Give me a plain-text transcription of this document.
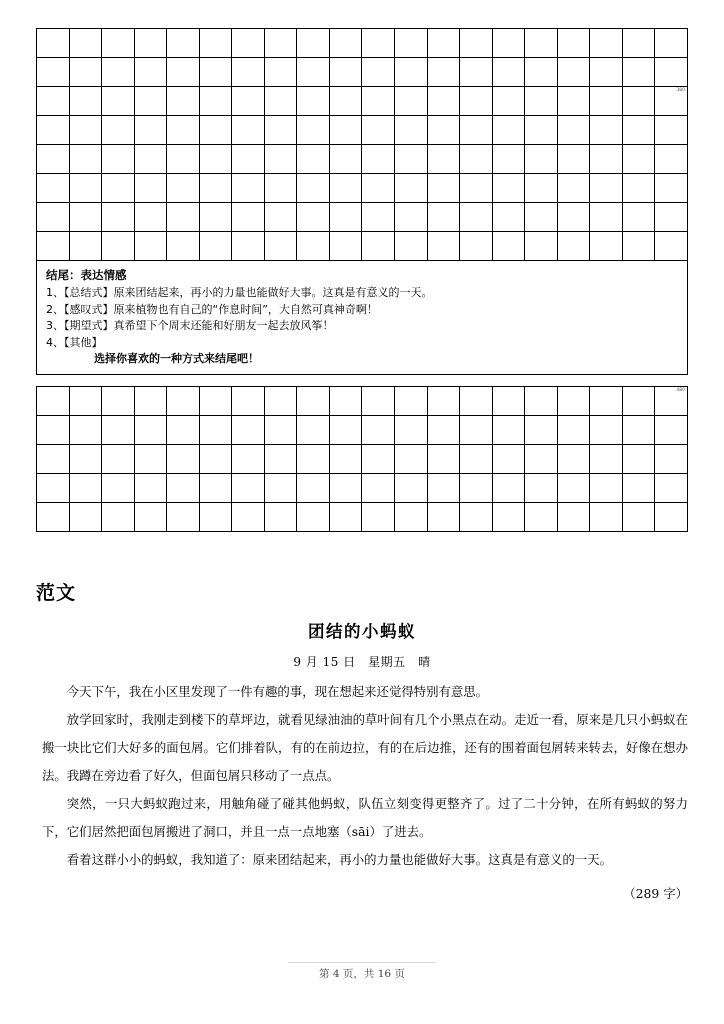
380
结尾：表达情感
1、【总结式】原来团结起来，再小的力量也能做好大事。这真是有意义的一天。
2、【感叹式】原来植物也有自己的“作息时间”，大自然可真神奇啊！
3、【期望式】真希望下个周末还能和好朋友一起去放风筝！
4、【其他】
选择你喜欢的一种方式来结尾吧！
480
范文
团结的小蚂蚁
9 月 15 日　星期五　晴

今天下午，我在小区里发现了一件有趣的事，现在想起来还觉得特别有意思。

放学回家时，我刚走到楼下的草坪边，就看见绿油油的草叶间有几个小黑点在动。走近一看，原来是几只小蚂蚁在搬一块比它们大好多的面包屑。它们排着队，有的在前边拉，有的在后边推，还有的围着面包屑转来转去，好像在想办法。我蹲在旁边看了好久，但面包屑只移动了一点点。

突然，一只大蚂蚁跑过来，用触角碰了碰其他蚂蚁，队伍立刻变得更整齐了。过了二十分钟，在所有蚂蚁的努力下，它们居然把面包屑搬进了洞口，并且一点一点地塞（sāi）了进去。

看着这群小小的蚂蚁，我知道了：原来团结起来，再小的力量也能做好大事。这真是有意义的一天。

（289 字）
第 4 页，共 16 页
